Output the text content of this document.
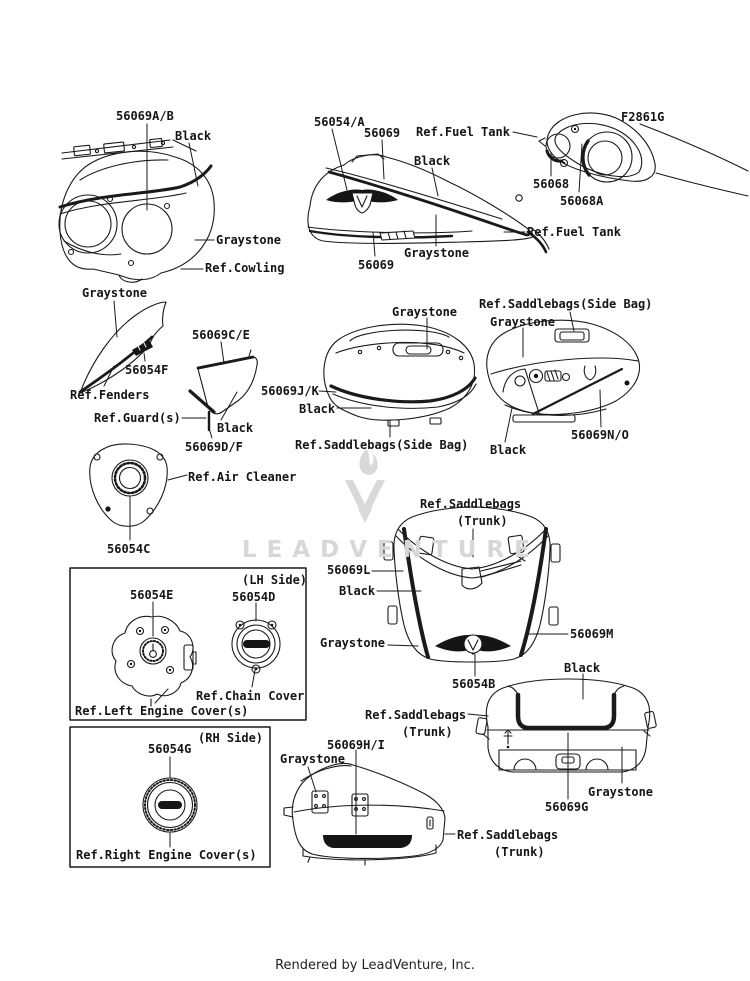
LEADVENTURE
56069A/B
Black
Graystone
Ref.Cowling
56054/A
56069 Ref.Fuel Tank
Black
Graystone
56069
Ref.Fuel Tank
F2861G
56068
56068A
Graystone
56054F
Ref.Fenders
56069C/E
Ref.Guard(s)
Black
56069D/F
Graystone
56069J/K
Black
Ref.Saddlebags(Side Bag)
Ref.Saddlebags(Side Bag)
Graystone
56069N/O
Black
Ref.Air Cleaner
56054C
(LH Side)
56054E	56054D
Ref.Chain Cover
Ref.Left Engine Cover(s)
(RH Side)
56054G
Ref.Right Engine Cover(s)
Ref.Saddlebags
(Trunk)
56069L
Black
Graystone
56069M
56054B
Black
Ref.Saddlebags
(Trunk)
Graystone
56069G
56069H/I
Graystone
Ref.Saddlebags
(Trunk)
Rendered by LeadVenture, Inc.
